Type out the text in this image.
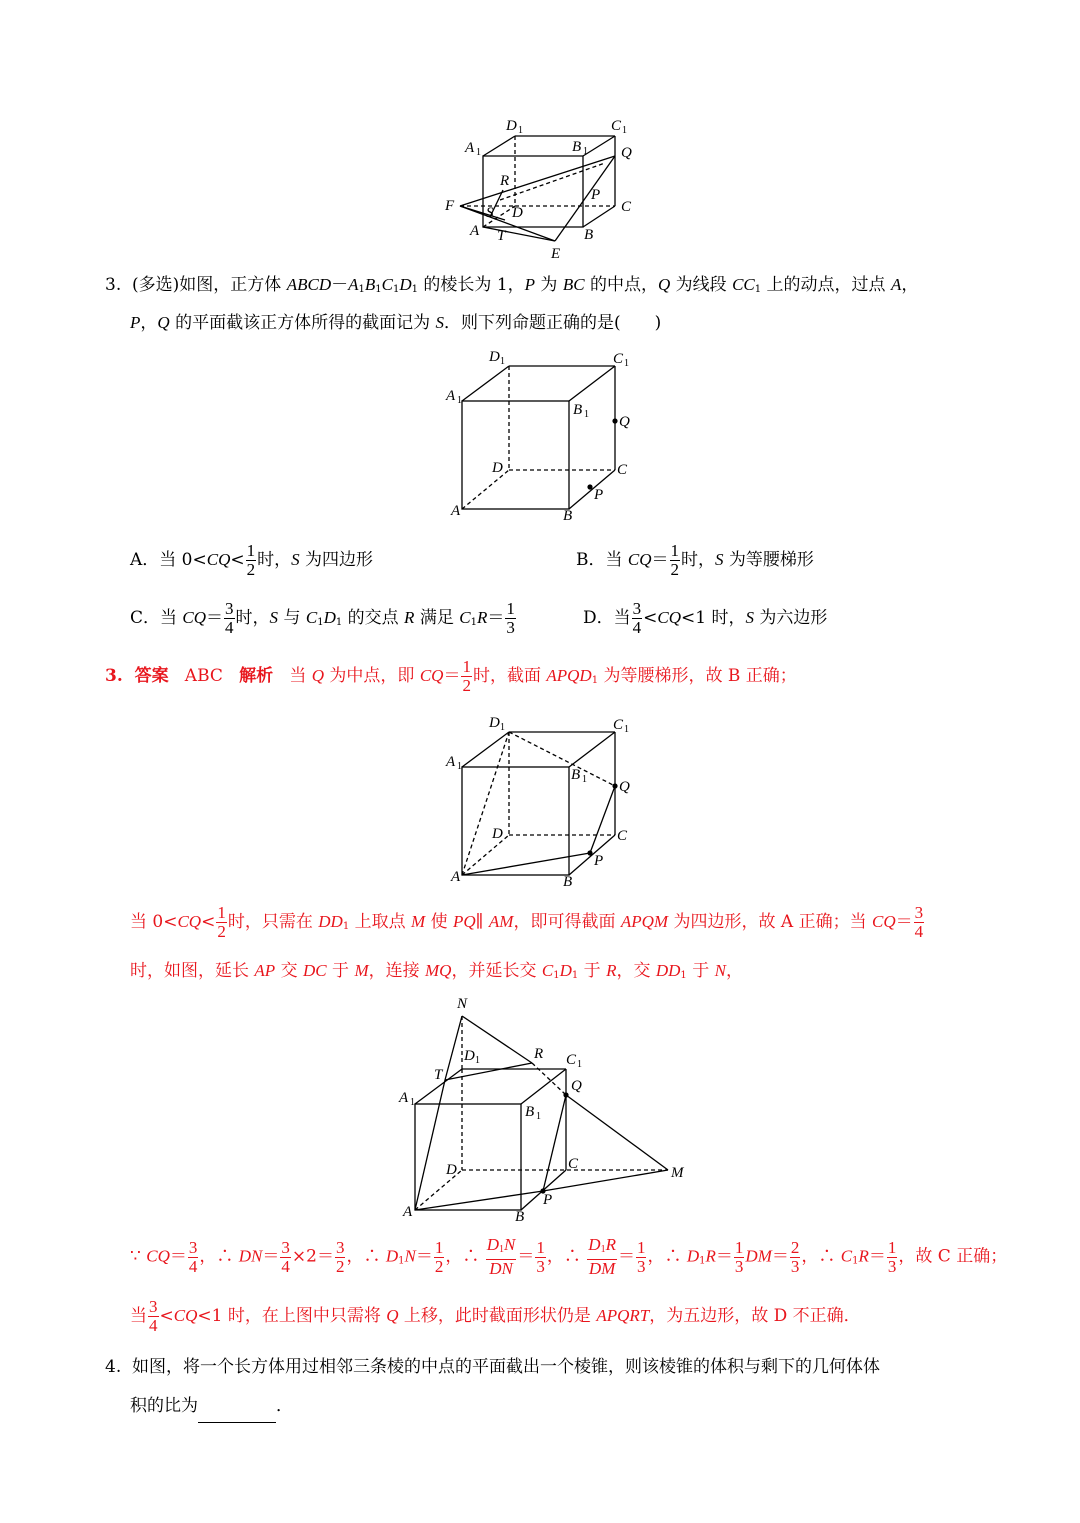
D 1	C 1
A 1	B 1 Q
R
P
F S D	C
A T	B
E
3.  (多选)如图，正方体 $ABCD-A_1B_1C_1D_1$ 的棱长为 1，P 为 BC 的中点，Q 为线段 $CC_1$ 上的动点，过点 A，
P，Q 的平面截该正方体所得的截面记为 S．则下列命题正确的是(　　)
D 1	C 1
A 1
B 1 Q
D	C
P
A	B
A．当 $0<CQ< \frac{1}{2}$ 时，S 为四边形	B．当 $CQ= \frac{1}{2}$ 时，S 为等腰梯形
C．当 $CQ= \frac{3}{4}$ 时，S 与 $C_1D_1$ 的交点 R 满足 $C_1R= \frac{1}{3}$	D．当 $\frac{3}{4} <CQ<1$ 时，S 为六边形
3.  答案   ABC   解析   当 Q 为中点，即 $CQ= \frac{1}{2}$ 时，截面 $APQD_1$ 为等腰梯形，故 B 正确；
D 1	C 1
A 1
B 1 Q
D	C
P
A	B
当 $0<CQ< \frac{1}{2}$ 时，只需在 $DD_1$ 上取点 M 使 PQ∥ AM，即可得截面 APQM 为四边形，故 A 正确；当 $CQ= \frac{3}{4}$
时，如图，延长 AP 交 DC 于 M，连接 MQ，并延长交 $C_1D_1$ 于 R，交 $DD_1$ 于 N，
N
D 1	R C 1
T
Q
A 1
B 1
D	C
M
P
A	B
∵ $CQ= \frac{3}{4}$ ，∴ $DN= \frac{3}{4} \times 2= \frac{3}{2}$ ，∴ $D_1N= \frac{1}{2}$ ，∴ $\frac{D_1N}{DN} = \frac{1}{3}$ ，∴ $\frac{D_1R}{DM} = \frac{1}{3}$ ，∴ $D_1R= \frac{1}{3} DM= \frac{2}{3}$ ，∴ $C_1R= \frac{1}{3}$ ，故 C 正确；
当 $\frac{3}{4} <CQ<1$ 时，在上图中只需将 Q 上移，此时截面形状仍是 APQRT，为五边形，故 D 不正确．
4.  如图，将一个长方体用过相邻三条棱的中点的平面截出一个棱锥，则该棱锥的体积与剩下的几何体体
积的比为	．
